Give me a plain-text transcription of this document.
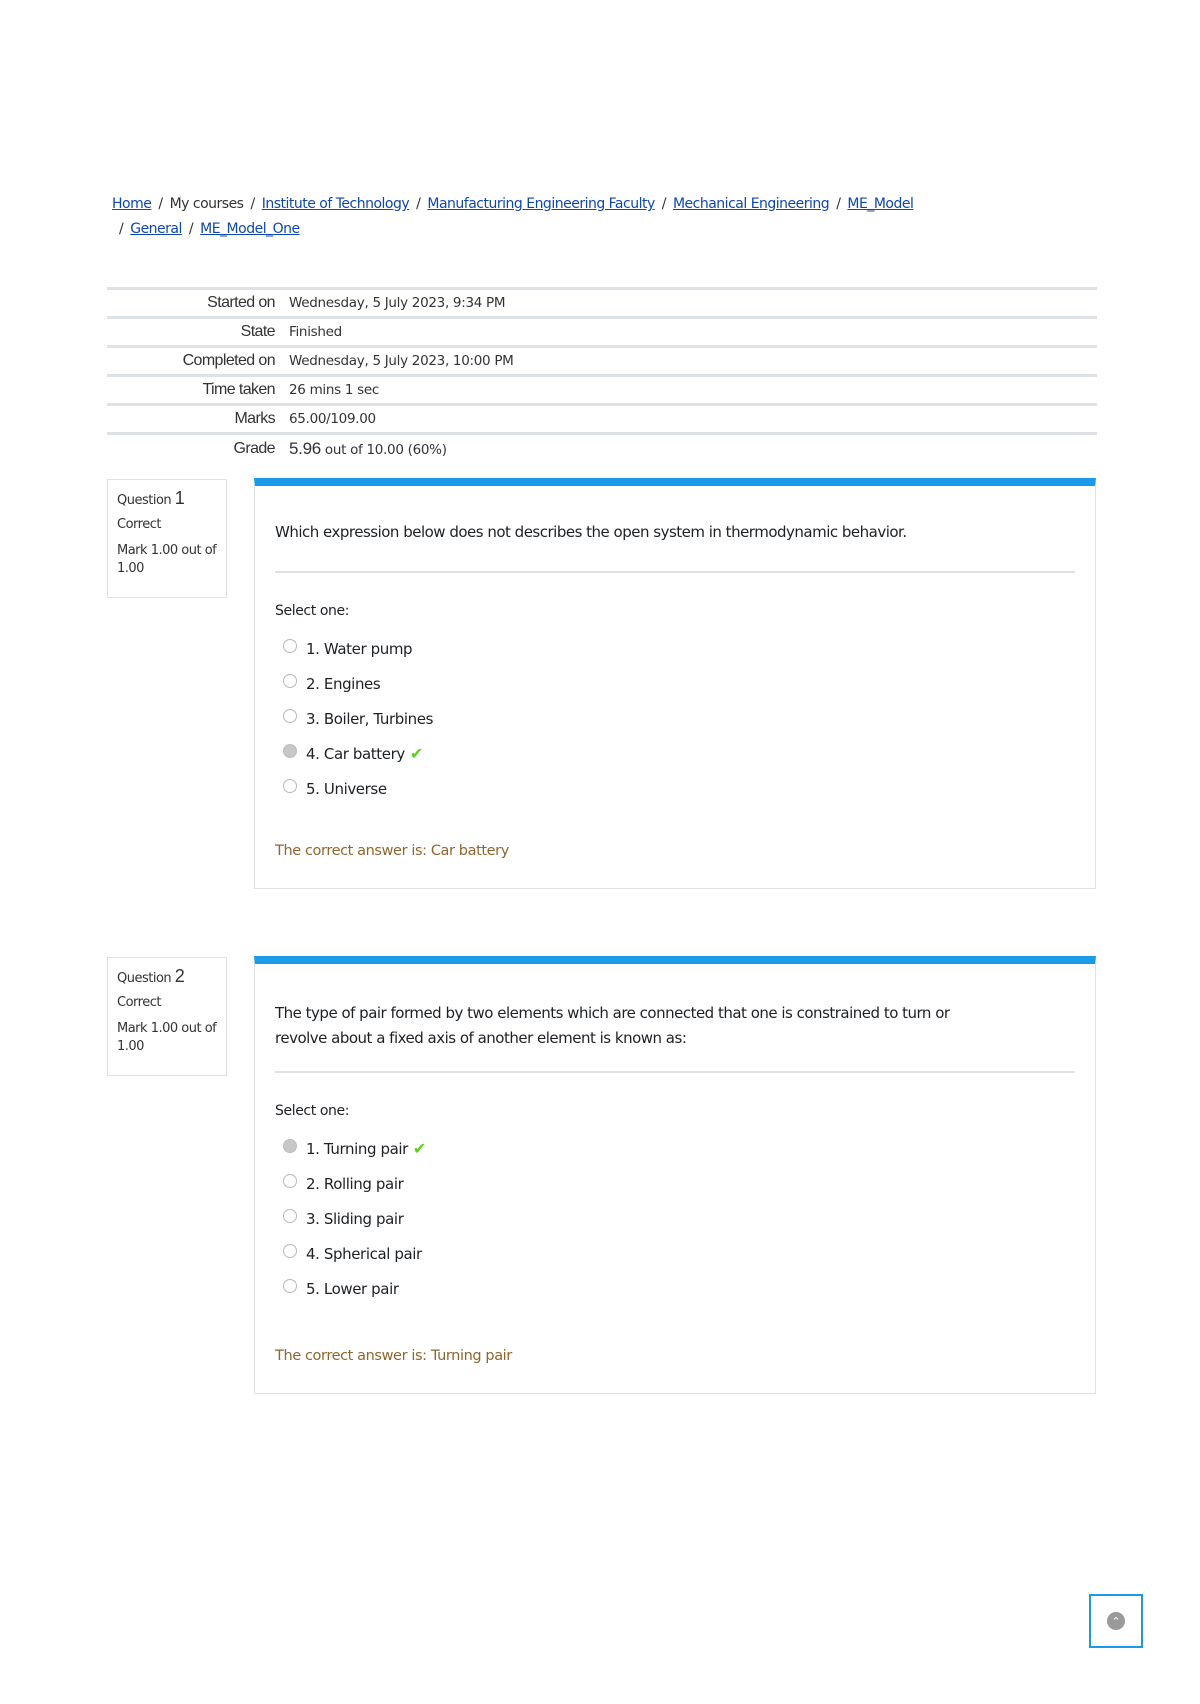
Home / My courses / Institute of Technology / Manufacturing Engineering Faculty / Mechanical Engineering / ME_Model
/ General / ME_Model_One
Started on	Wednesday, 5 July 2023, 9:34 PM
State	Finished
Completed on	Wednesday, 5 July 2023, 10:00 PM
Time taken	26 mins 1 sec
Marks	65.00/109.00
Grade	5.96 out of 10.00 (60%)
Question 1
Correct
Mark 1.00 out of 1.00
Which expression below does not describes the open system in thermodynamic behavior.
Select one:
1. Water pump
2. Engines
3. Boiler, Turbines
4. Car battery ✔
5. Universe
The correct answer is: Car battery
Question 2
Correct
Mark 1.00 out of 1.00
The type of pair formed by two elements which are connected that one is constrained to turn or
revolve about a fixed axis of another element is known as:
Select one:
1. Turning pair ✔
2. Rolling pair
3. Sliding pair
4. Spherical pair
5. Lower pair
The correct answer is: Turning pair
⌃
